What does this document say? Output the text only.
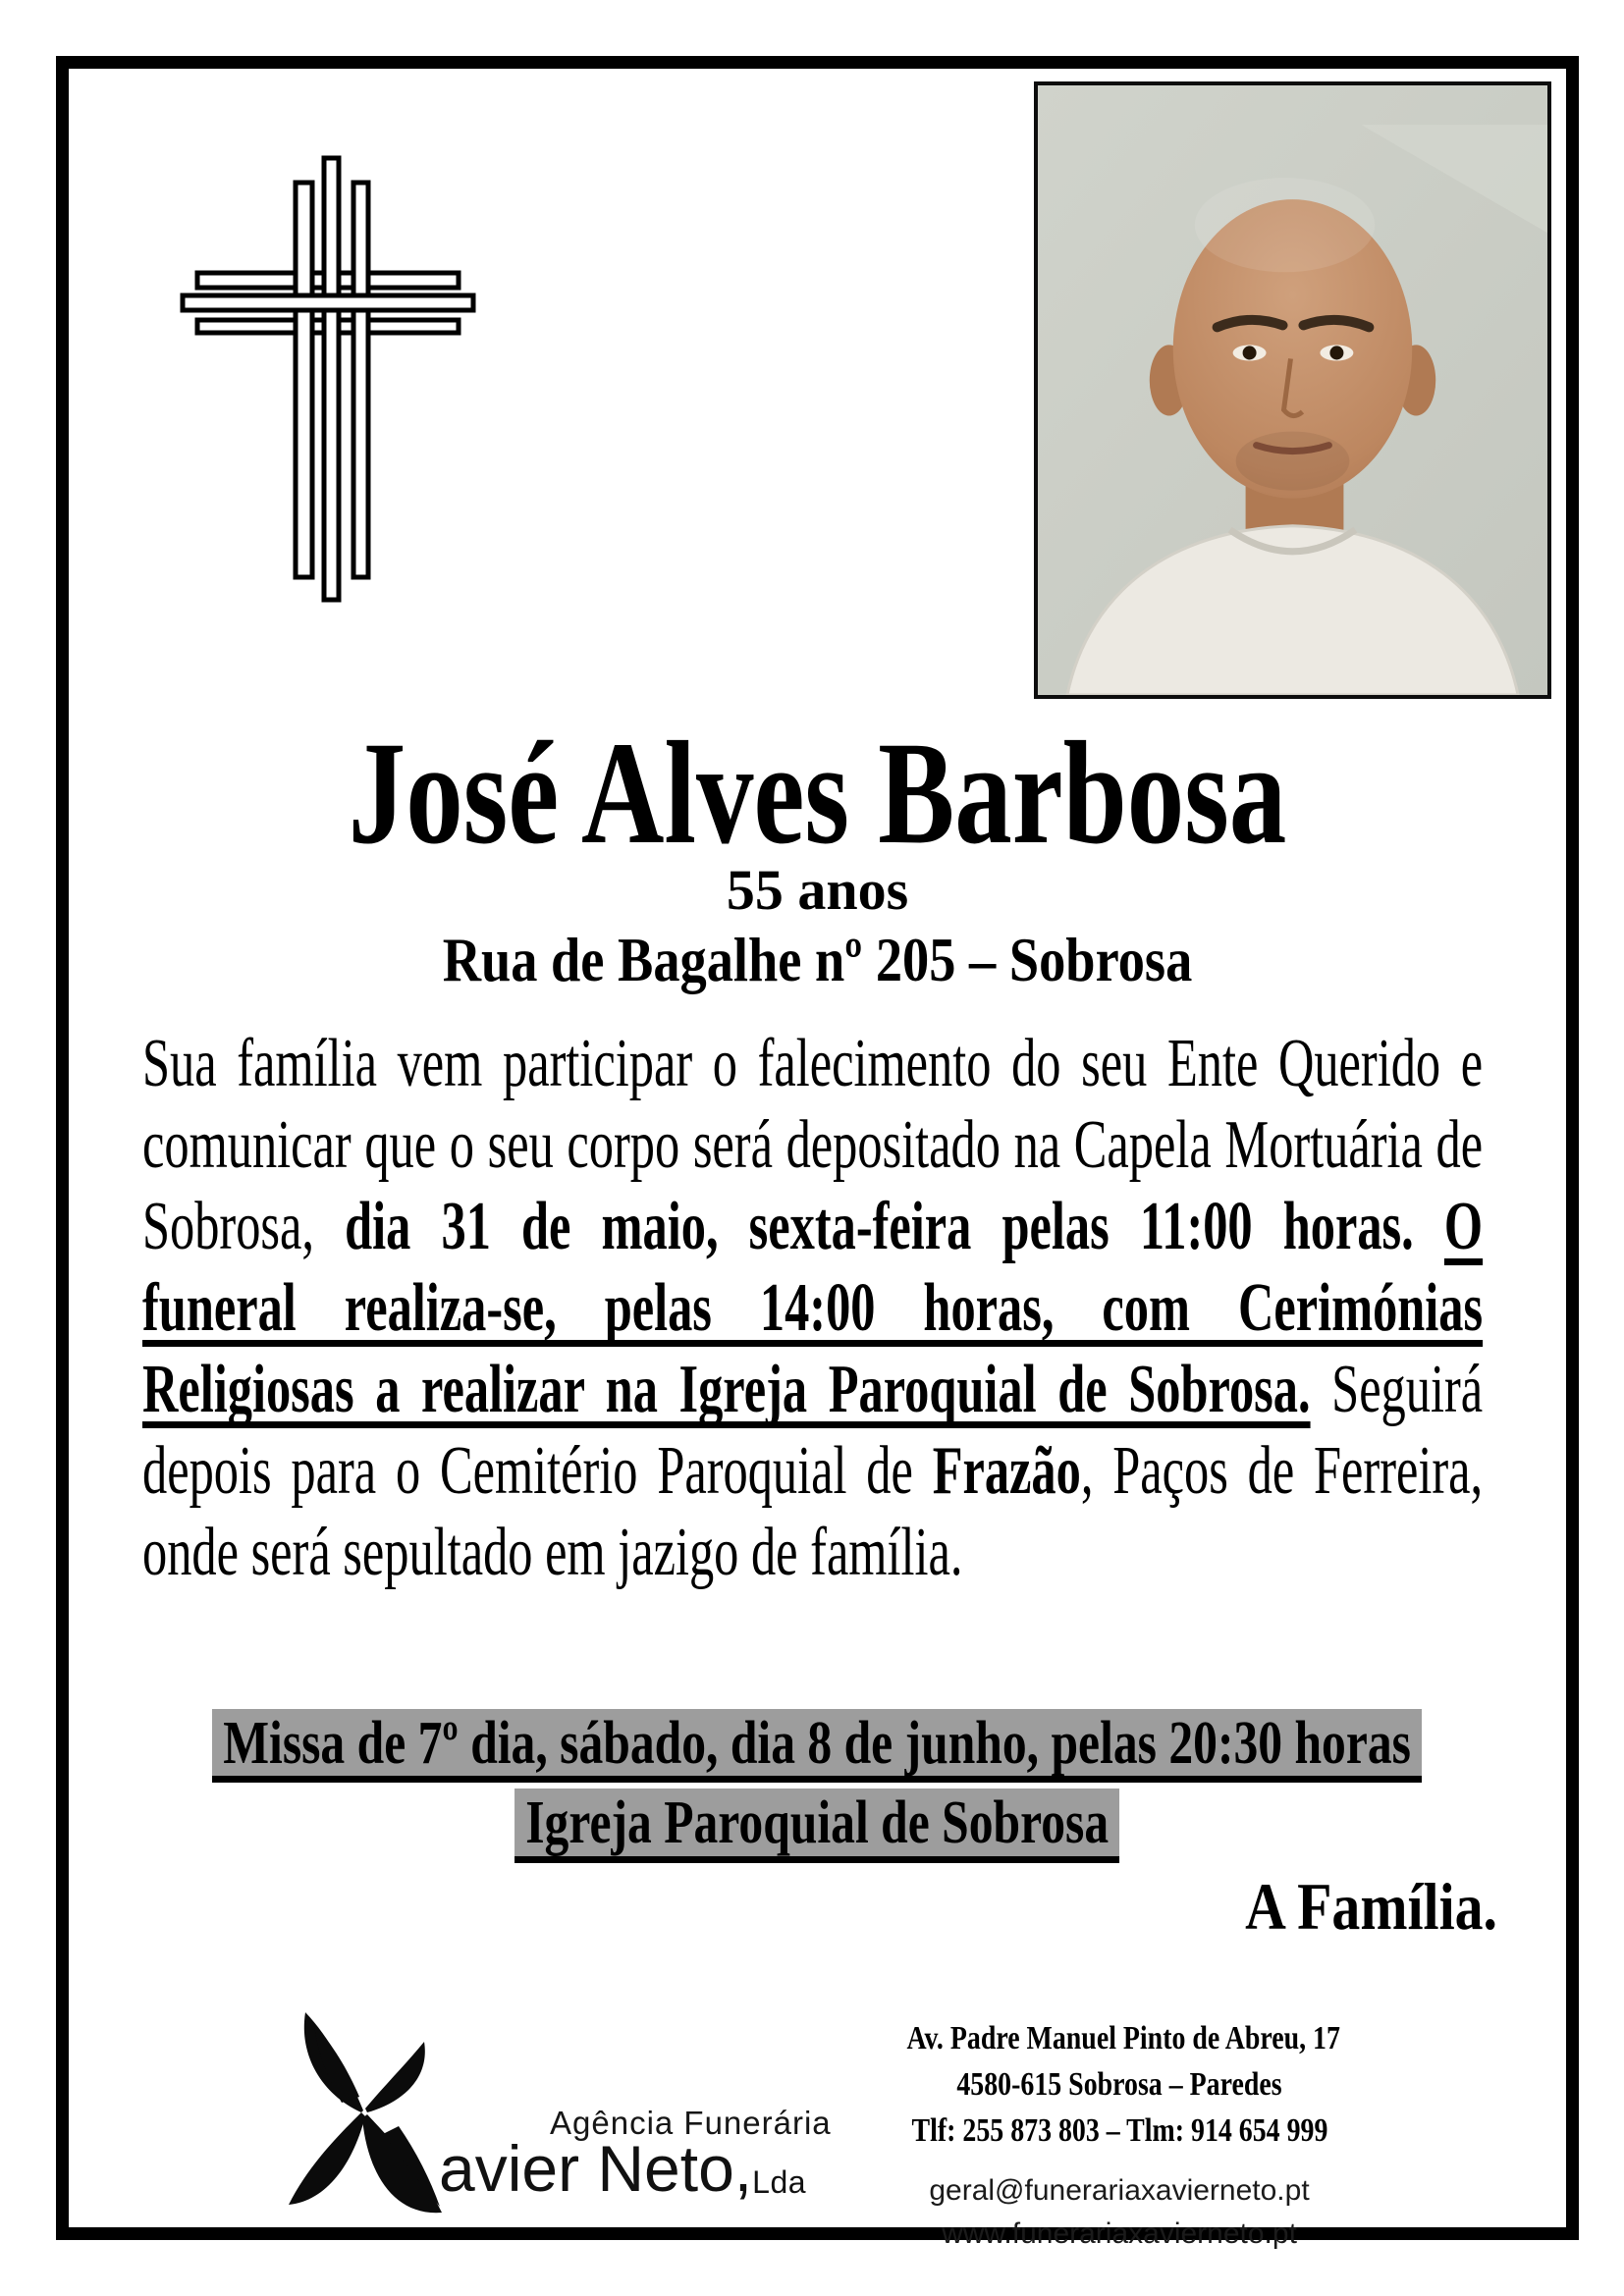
José Alves Barbosa
55 anos
Rua de Bagalhe nº 205 – Sobrosa

Sua família vem participar o falecimento do seu Ente Querido e comunicar que o seu corpo será depositado na Capela Mortuária de Sobrosa, dia 31 de maio, sexta-feira pelas 11:00 horas. O funeral realiza-se, pelas 14:00 horas, com Cerimónias Religiosas a realizar na Igreja Paroquial de Sobrosa. Seguirá depois para o Cemitério Paroquial de Frazão, Paços de Ferreira, onde será sepultado em jazigo de família.

Missa de 7º dia, sábado, dia 8 de junho, pelas 20:30 horas
Igreja Paroquial de Sobrosa
A Família.
Agência Funerária
avier Neto,Lda

Av. Padre Manuel Pinto de Abreu, 17

4580-615 Sobrosa – Paredes

Tlf: 255 873 803 – Tlm: 914 654 999

geral@funerariaxavierneto.pt

www.funerariaxavierneto.pt
